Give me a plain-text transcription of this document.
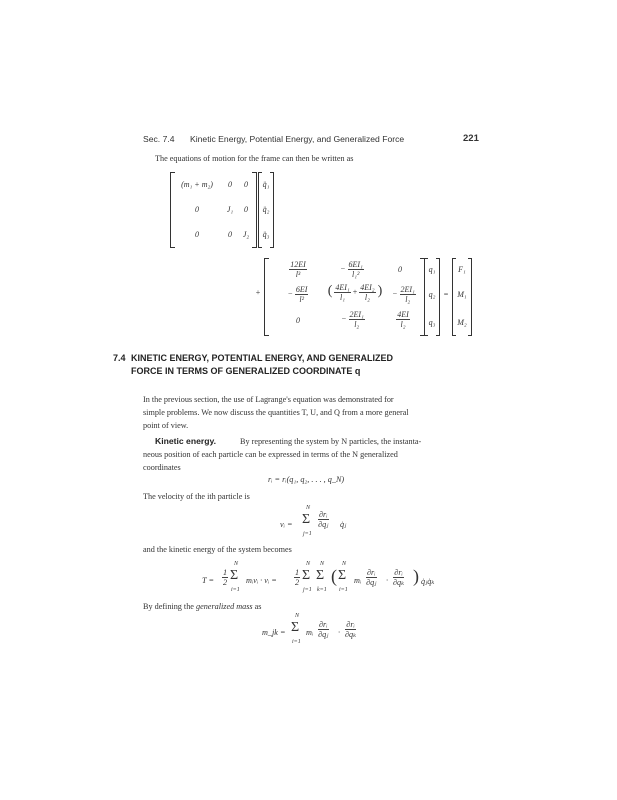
Sec. 7.4 Kinetic Energy, Potential Energy, and Generalized Force	221
The equations of motion for the frame can then be written as
(m₁ + m₂)	0	0
0	J₁	0
0	0	J₂
q̈₁
q̈₂
q̈₃
+
$\frac{12EI}{\text{l³}}$	− $\frac{\text{6EI₁}}{\text{l₁²}}$	0
− $\frac{6EI}{\text{l²}}$	( $\frac{\text{4EI₁}}{\text{l₁}} + \frac{\text{4EI₂}}{\text{l₂}}$ )	− $\frac{\text{2EI₁}}{\text{l₂}}$
0	− $\frac{\text{2EI₁}}{\text{l₂}}$	$\frac{4EI}{\text{l₂}}$
q₁
q₂
q₃
=
F₁
M₁
M₂
7.4 KINETIC ENERGY, POTENTIAL ENERGY, AND GENERALIZED
FORCE IN TERMS OF GENERALIZED COORDINATE q
In the previous section, the use of Lagrange's equation was demonstrated for
simple problems. We now discuss the quantities T, U, and Q from a more general
point of view.
Kinetic energy.	By representing the system by N particles, the instanta-
neous position of each particle can be expressed in terms of the N generalized
coordinates
rᵢ = rᵢ(q₁, q₂, . . . , q_N)
The velocity of the ith particle is
vᵢ =
N
Σ
j=1
$\frac{\text{∂rᵢ}}{\text{∂qⱼ}}$ q̇ⱼ
and the kinetic energy of the system becomes
$T = \frac{1}{2}$
N
Σ
i=1
mᵢvᵢ · vᵢ = $\frac{1}{2}$
N
Σ
j=1
N
Σ
k=1
(
N
Σ
i=1
mᵢ $\frac{\text{∂rᵢ}}{\text{∂qⱼ}} \cdot \frac{\text{∂rᵢ}}{\text{∂qₖ}}$ ) q̇ⱼq̇ₖ
By defining the generalized mass as
m_jk =
N
Σ
i=1
mᵢ $\frac{\text{∂rᵢ}}{\text{∂qⱼ}} \cdot \frac{\text{∂rᵢ}}{\text{∂qₖ}}$
